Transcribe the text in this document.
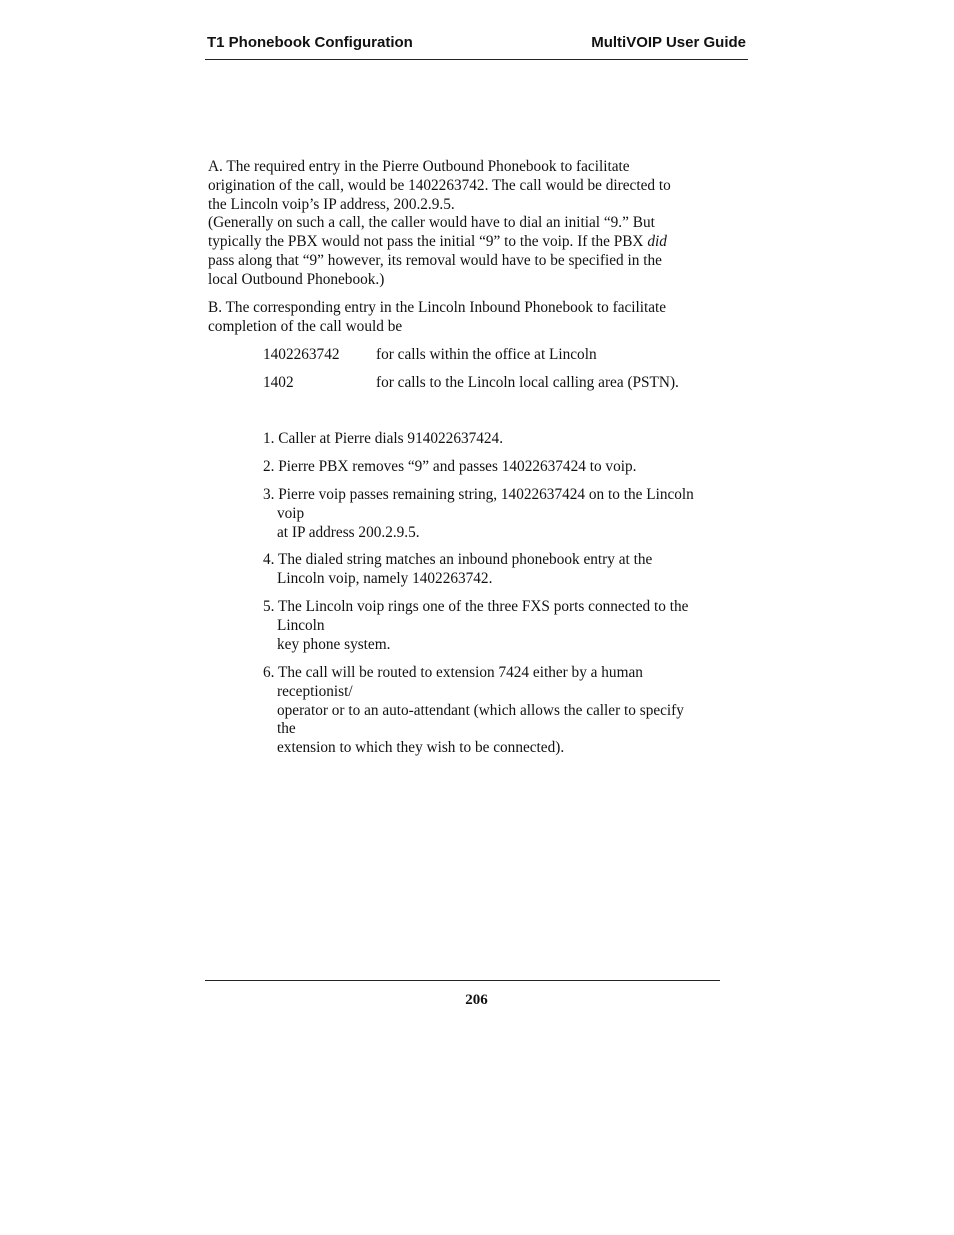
T1 Phonebook Configuration	MultiVOIP User Guide
A. The required entry in the Pierre Outbound Phonebook to facilitate
origination of the call, would be 1402263742. The call would be directed to
the Lincoln voip’s IP address, 200.2.9.5.
(Generally on such a call, the caller would have to dial an initial “9.” But
typically the PBX would not pass the initial “9” to the voip. If the PBX did
pass along that “9” however, its removal would have to be specified in the
local Outbound Phonebook.)
B. The corresponding entry in the Lincoln Inbound Phonebook to facilitate
completion of the call would be
1402263742 for calls within the office at Lincoln
1402	for calls to the Lincoln local calling area (PSTN).
1. Caller at Pierre dials 914022637424.
2. Pierre PBX removes “9” and passes 14022637424 to voip.
3. Pierre voip passes remaining string, 14022637424 on to the Lincoln
voip
at IP address 200.2.9.5.
4. The dialed string matches an inbound phonebook entry at the
Lincoln voip, namely 1402263742.
5. The Lincoln voip rings one of the three FXS ports connected to the
Lincoln
key phone system.
6. The call will be routed to extension 7424 either by a human
receptionist/
operator or to an auto-attendant (which allows the caller to specify
the
extension to which they wish to be connected).
206
